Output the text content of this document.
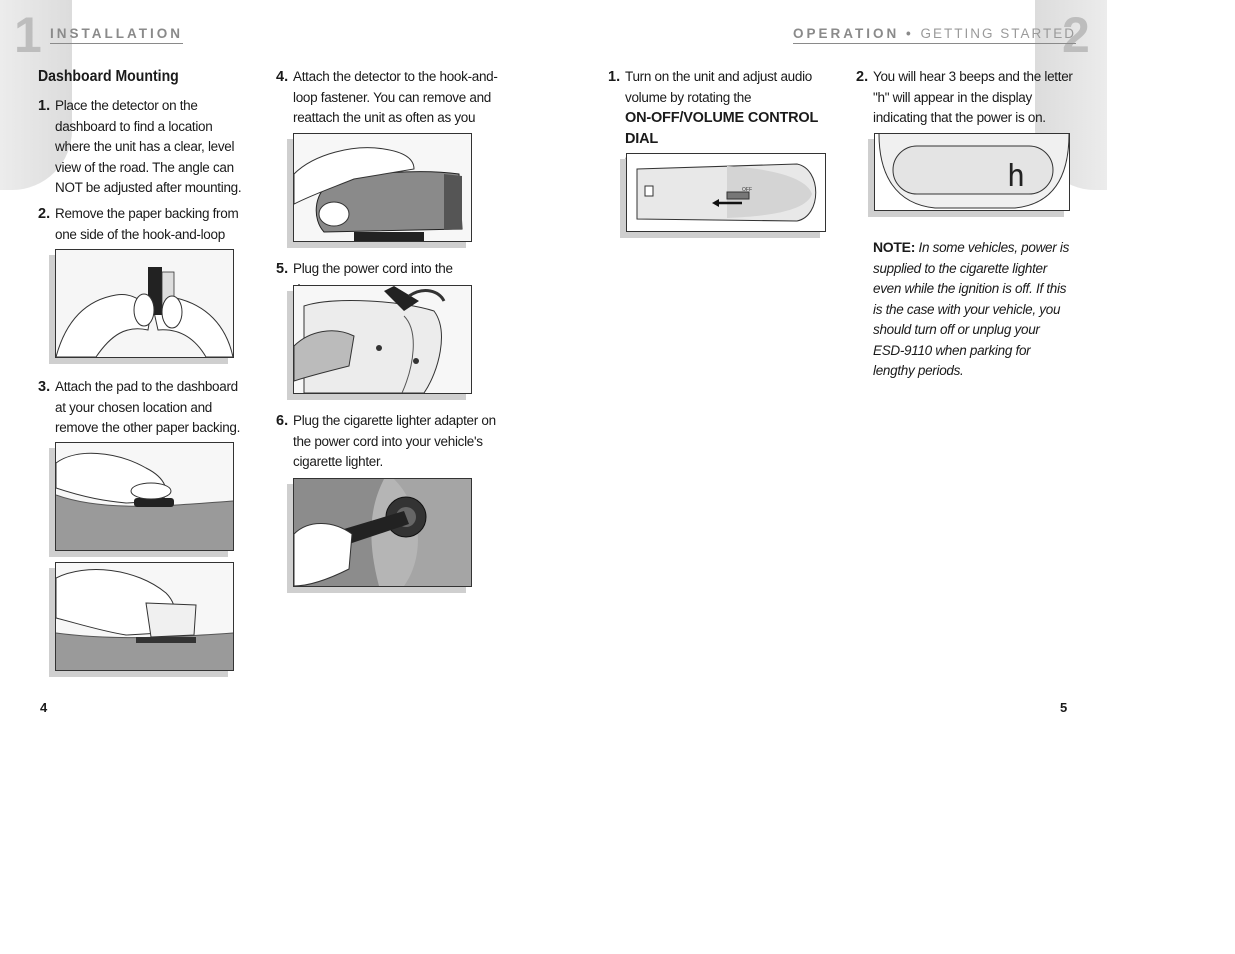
1	2
INSTALLATION	OPERATION • GETTING STARTED
Dashboard Mounting
1. Place the detector on the dashboard to find a location where the unit has a clear, level view of the road. The angle can NOT be adjusted after mounting.
2. Remove the paper backing from one side of the hook-and-loop
3. Attach the pad to the dashboard at your chosen location and remove the other paper backing.
4
4. Attach the detector to the hook-and-loop fastener. You can remove and reattach the unit as often as you
5. Plug the power cord into the
6. Plug the cigarette lighter adapter on the power cord into your vehicle's cigarette lighter.
1. Turn on the unit and adjust audio volume by rotating the
ON-OFF/VOLUME CONTROL DIAL

OFF
2. You will hear 3 beeps and the letter "h" will appear in the display indicating that the power is on.
h
NOTE: In some vehicles, power is supplied to the cigarette lighter even while the ignition is off. If this is the case with your vehicle, you should turn off or unplug your ESD-9110 when parking for lengthy periods.
5
